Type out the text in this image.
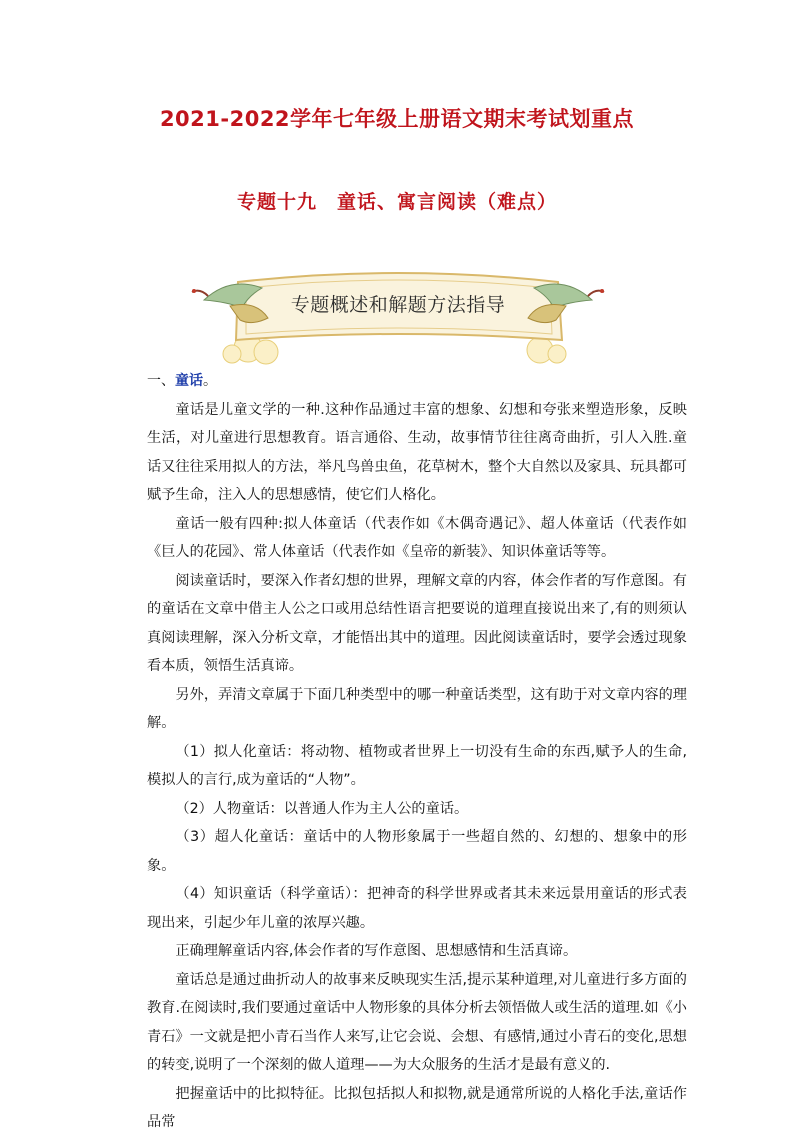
2021-2022学年七年级上册语文期末考试划重点
专题十九　童话、寓言阅读（难点）
专题概述和解题方法指导

一、童话。

童话是儿童文学的一种.这种作品通过丰富的想象、幻想和夸张来塑造形象，反映生活，对儿童进行思想教育。语言通俗、生动，故事情节往往离奇曲折，引人入胜.童话又往往采用拟人的方法，举凡鸟兽虫鱼，花草树木，整个大自然以及家具、玩具都可赋予生命，注入人的思想感情，使它们人格化。

童话一般有四种:拟人体童话（代表作如《木偶奇遇记》、超人体童话（代表作如《巨人的花园》、常人体童话（代表作如《皇帝的新装》、知识体童话等等。

阅读童话时，要深入作者幻想的世界，理解文章的内容，体会作者的写作意图。有的童话在文章中借主人公之口或用总结性语言把要说的道理直接说出来了,有的则须认真阅读理解，深入分析文章，才能悟出其中的道理。因此阅读童话时，要学会透过现象看本质，领悟生活真谛。

另外，弄清文章属于下面几种类型中的哪一种童话类型，这有助于对文章内容的理解。

（1）拟人化童话：将动物、植物或者世界上一切没有生命的东西,赋予人的生命,模拟人的言行,成为童话的“人物”。

（2）人物童话：以普通人作为主人公的童话。

（3）超人化童话：童话中的人物形象属于一些超自然的、幻想的、想象中的形象。

（4）知识童话（科学童话）：把神奇的科学世界或者其未来远景用童话的形式表现出来，引起少年儿童的浓厚兴趣。

正确理解童话内容,体会作者的写作意图、思想感情和生活真谛。

童话总是通过曲折动人的故事来反映现实生活,提示某种道理,对儿童进行多方面的教育.在阅读时,我们要通过童话中人物形象的具体分析去领悟做人或生活的道理.如《小青石》一文就是把小青石当作人来写,让它会说、会想、有感情,通过小青石的变化,思想的转变,说明了一个深刻的做人道理——为大众服务的生活才是最有意义的.

把握童话中的比拟特征。比拟包括拟人和拟物,就是通常所说的人格化手法,童话作品常
